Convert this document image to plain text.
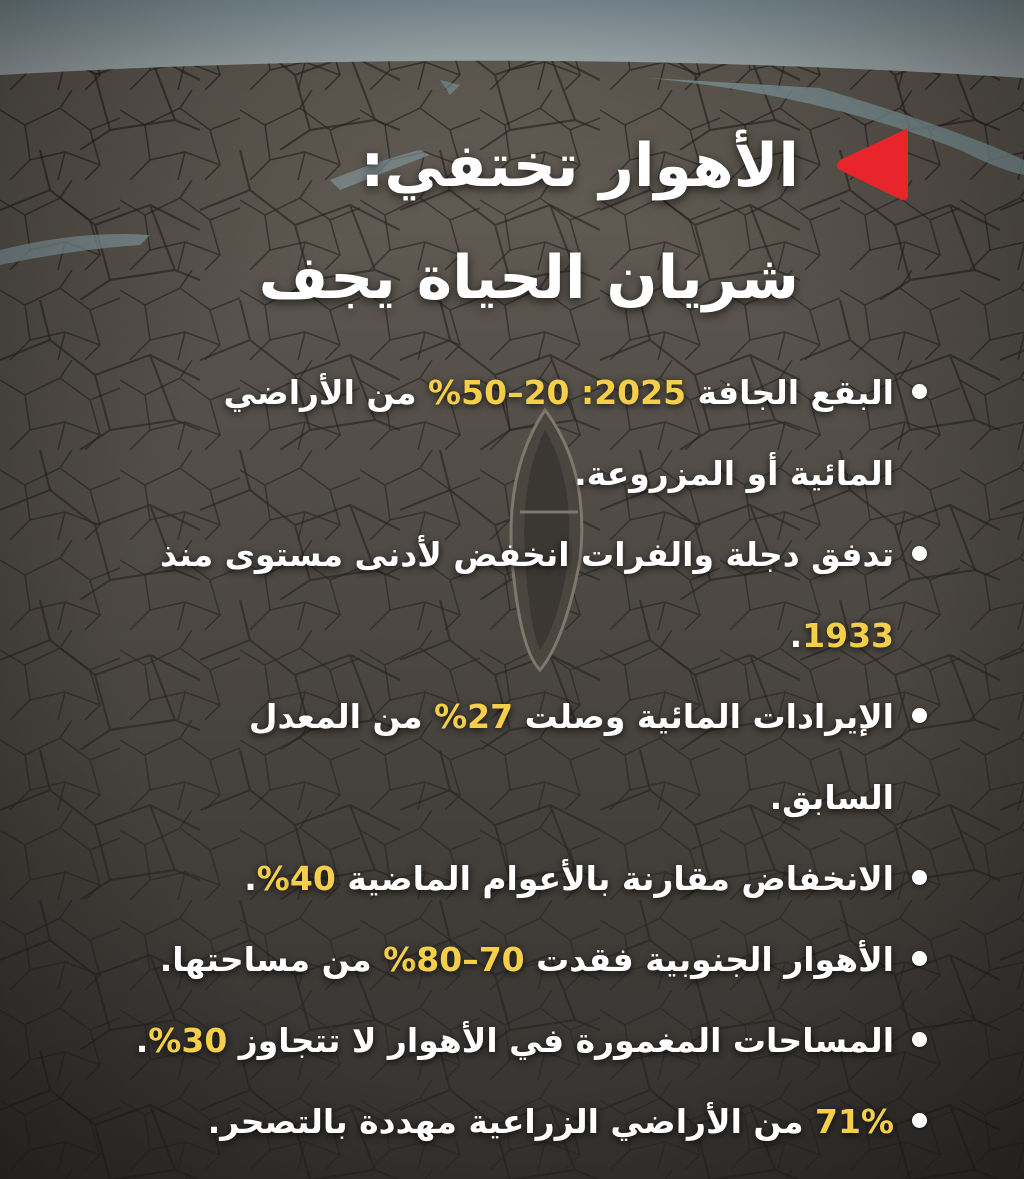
الأهوار تختفي:
شريان الحياة يجف
البقع الجافة 2025: 20–50% من الأراضي المائية أو المزروعة.
تدفق دجلة والفرات انخفض لأدنى مستوى منذ 1933.
الإيرادات المائية وصلت 27% من المعدل السابق.
الانخفاض مقارنة بالأعوام الماضية 40%.
الأهوار الجنوبية فقدت 70–80% من مساحتها.
المساحات المغمورة في الأهوار لا تتجاوز 30%.
71% من الأراضي الزراعية مهددة بالتصحر.
